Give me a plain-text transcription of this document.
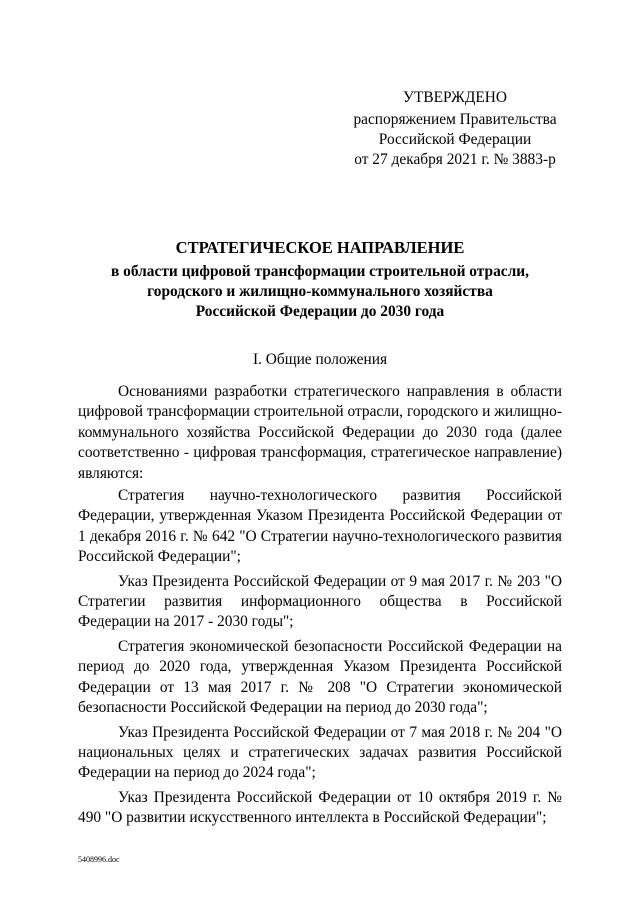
УТВЕРЖДЕНО
распоряжением Правительства
Российской Федерации
от 27 декабря 2021 г. № 3883-р
СТРАТЕГИЧЕСКОЕ НАПРАВЛЕНИЕ
в области цифровой трансформации строительной отрасли,
городского и жилищно-коммунального хозяйства
Российской Федерации до 2030 года
I. Общие положения

Основаниями разработки стратегического направления в области цифровой трансформации строительной отрасли, городского и жилищно-коммунального хозяйства Российской Федерации до 2030 года (далее соответственно - цифровая трансформация, стратегическое направление) являются:

Стратегия научно-технологического развития Российской Федерации, утвержденная Указом Президента Российской Федерации от 1 декабря 2016 г. № 642 "О Стратегии научно-технологического развития Российской Федерации";

Указ Президента Российской Федерации от 9 мая 2017 г. № 203 "О Стратегии развития информационного общества в Российской Федерации на 2017 - 2030 годы";

Стратегия экономической безопасности Российской Федерации на период до 2020 года, утвержденная Указом Президента Российской Федерации от 13 мая 2017 г. № 208 "О Стратегии экономической безопасности Российской Федерации на период до 2030 года";

Указ Президента Российской Федерации от 7 мая 2018 г. № 204 "О национальных целях и стратегических задачах развития Российской Федерации на период до 2024 года";

Указ Президента Российской Федерации от 10 октября 2019 г. № 490 "О развитии искусственного интеллекта в Российской Федерации";

5408996.doc
